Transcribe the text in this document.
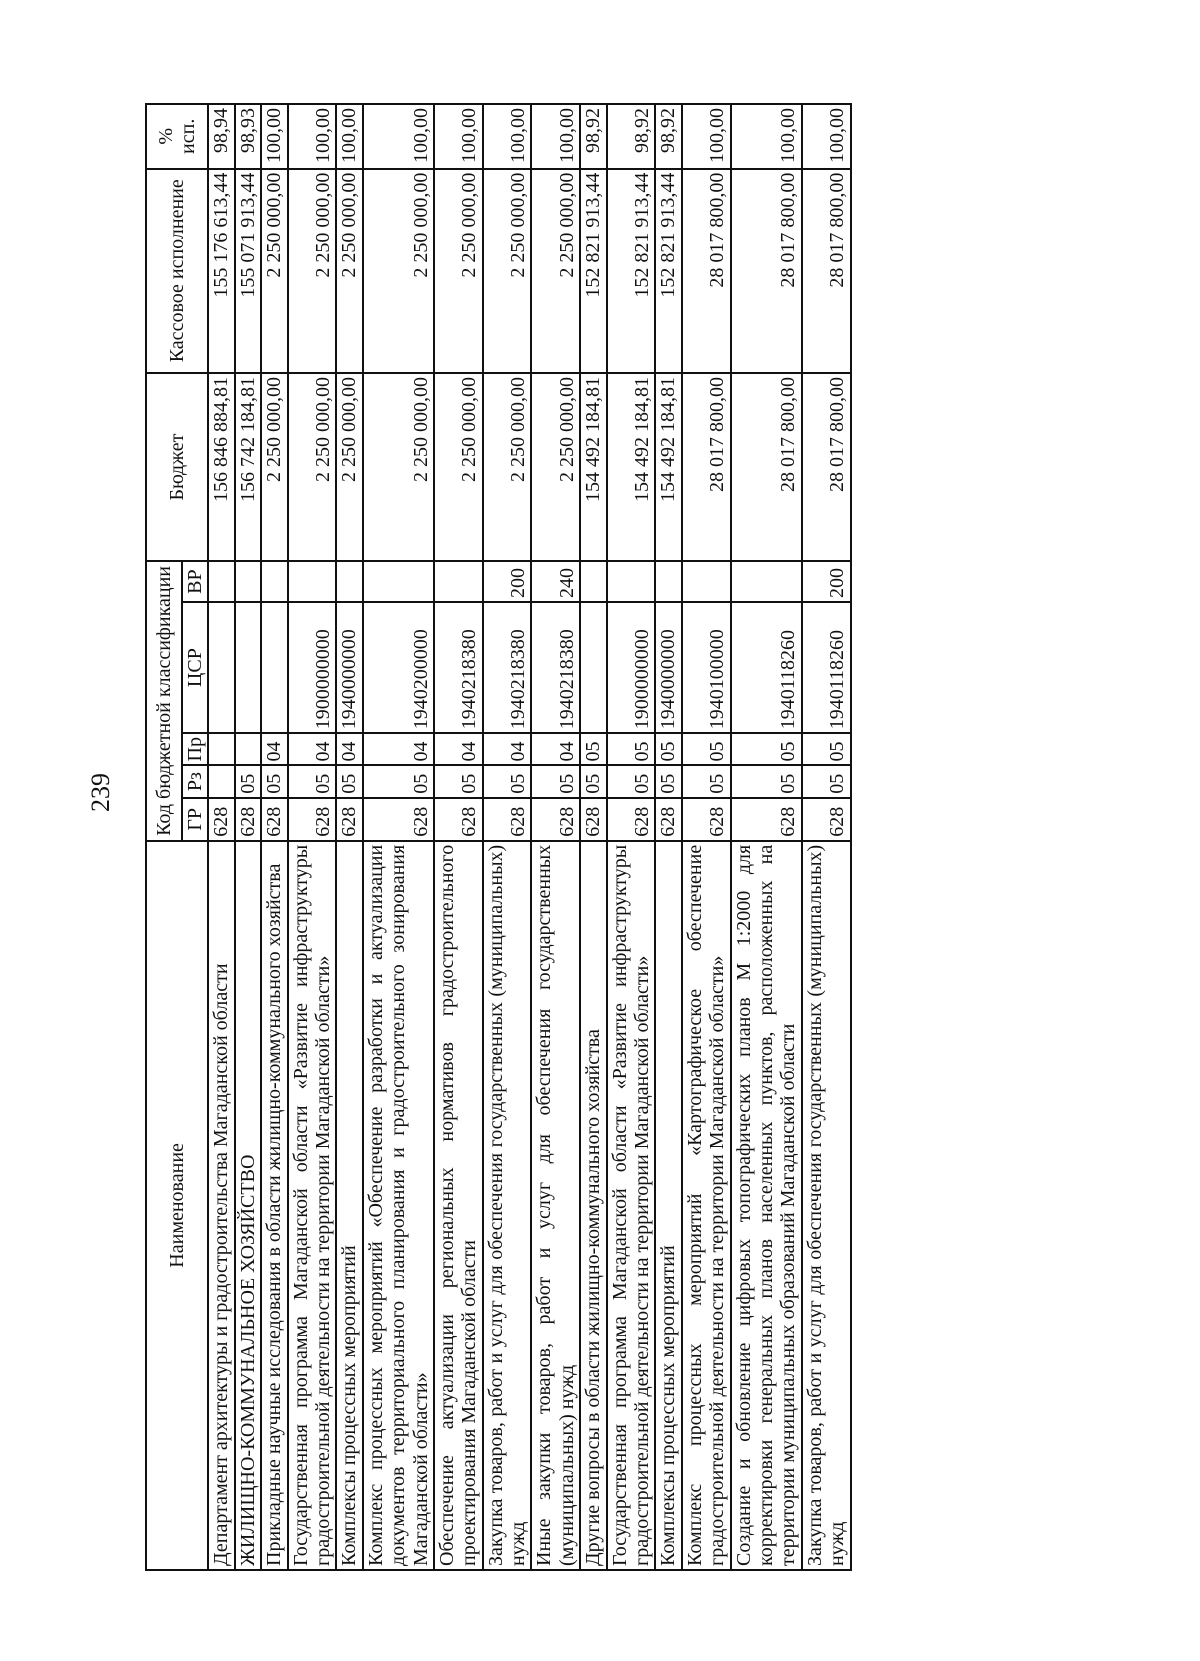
239
Наименование	Код бюджетной классификации					Бюджет	Кассовое исполнение	% исп.
	ГР	Рз	Пр	ЦСР	ВР			
Департамент архитектуры и градостроительства Магаданской области	628					156 846 884,81	155 176 613,44	98,94
ЖИЛИЩНО-КОММУНАЛЬНОЕ ХОЗЯЙСТВО	628	05				156 742 184,81	155 071 913,44	98,93
Прикладные научные исследования в области жилищно-коммунального хозяйства	628	05	04			2 250 000,00	2 250 000,00	100,00
Государственная программа Магаданской области «Развитие инфраструктуры градостроительной деятельности на территории Магаданской области»	628	05	04	1900000000		2 250 000,00	2 250 000,00	100,00
Комплексы процессных мероприятий	628	05	04	1940000000		2 250 000,00	2 250 000,00	100,00
Комплекс процессных мероприятий «Обеспечение разработки и актуализации документов территориального планирования и градостроительного зонирования Магаданской области»	628	05	04	1940200000		2 250 000,00	2 250 000,00	100,00
Обеспечение актуализации региональных нормативов градостроительного проектирования Магаданской области	628	05	04	1940218380		2 250 000,00	2 250 000,00	100,00
Закупка товаров, работ и услуг для обеспечения государственных (муниципальных) нужд	628	05	04	1940218380	200	2 250 000,00	2 250 000,00	100,00
Иные закупки товаров, работ и услуг для обеспечения государственных (муниципальных) нужд	628	05	04	1940218380	240	2 250 000,00	2 250 000,00	100,00
Другие вопросы в области жилищно-коммунального хозяйства	628	05	05			154 492 184,81	152 821 913,44	98,92
Государственная программа Магаданской области «Развитие инфраструктуры градостроительной деятельности на территории Магаданской области»	628	05	05	1900000000		154 492 184,81	152 821 913,44	98,92
Комплексы процессных мероприятий	628	05	05	1940000000		154 492 184,81	152 821 913,44	98,92
Комплекс процессных мероприятий «Картографическое обеспечение градостроительной деятельности на территории Магаданской области»	628	05	05	1940100000		28 017 800,00	28 017 800,00	100,00
Создание и обновление цифровых топографических планов М 1:2000 для корректировки генеральных планов населенных пунктов, расположенных на территории муниципальных образований Магаданской области	628	05	05	1940118260		28 017 800,00	28 017 800,00	100,00
Закупка товаров, работ и услуг для обеспечения государственных (муниципальных) нужд	628	05	05	1940118260	200	28 017 800,00	28 017 800,00	100,00
